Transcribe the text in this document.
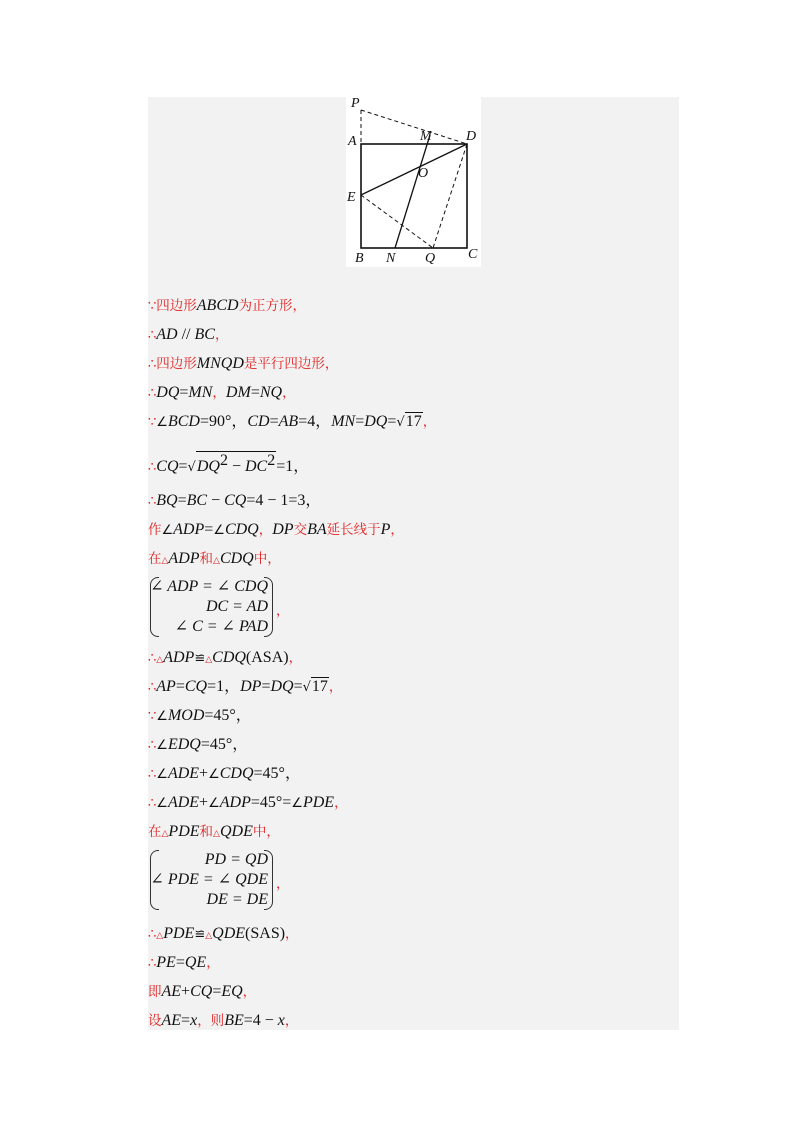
P
A	M D
O
E
B N Q C
∵四边形ABCD为正方形，
∴AD // BC，
∴四边形MNQD是平行四边形，
∴DQ=MN，DM=NQ，
∵∠BCD=90°，CD=AB=4，MN=DQ=√17，
$\therefore CQ=√DQ^2 - DC^2=1$，
∴BQ=BC − CQ=4 − 1=3，
作∠ADP=∠CDQ，DP交BA延长线于P，
在△ADP和△CDQ中，
∠ ADP = ∠ CDQ
DC = AD
∠ C = ∠ PAD
，
∴△ADP≌△CDQ(ASA)，
∴AP=CQ=1，DP=DQ=√17，
∵∠MOD=45°，
∴∠EDQ=45°，
∴∠ADE+∠CDQ=45°，
∴∠ADE+∠ADP=45°=∠PDE，
在△PDE和△QDE中，
PD = QD
∠ PDE = ∠ QDE
DE = DE
，
∴△PDE≌△QDE(SAS)，
∴PE=QE，
即AE+CQ=EQ，
设AE=x，则BE=4 − x，
